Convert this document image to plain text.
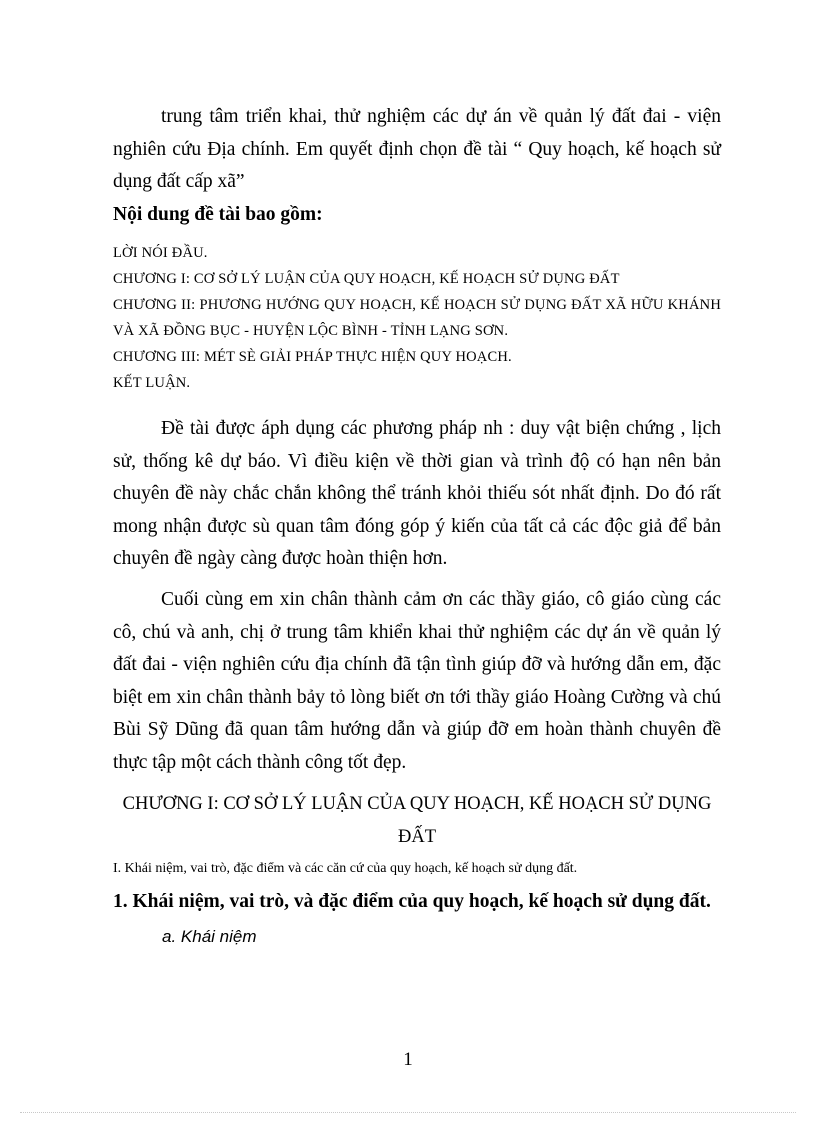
trung tâm triển khai, thử nghiệm các dự án về quản lý đất đai - viện nghiên cứu Địa chính. Em quyết định chọn đề tài “ Quy hoạch, kế hoạch sử dụng đất cấp xã”

Nội dung đề tài bao gồm:

LỜI NÓI ĐẦU.
CHƯƠNG I: CƠ SỞ LÝ LUẬN CỦA QUY HOẠCH, KẾ HOẠCH SỬ DỤNG ĐẤT
CHƯƠNG II: PHƯƠNG HƯỚNG QUY HOẠCH, KẾ HOẠCH SỬ DỤNG ĐẤT XÃ HỮU KHÁNH VÀ XÃ ĐỒNG BỤC - HUYỆN LỘC BÌNH - TỈNH LẠNG SƠN.
CHƯƠNG III: MÉT SÈ GIẢI PHÁP THỰC HIỆN QUY HOẠCH.
KẾT LUẬN.

Đề tài được áph dụng các phương pháp nh : duy vật biện chứng , lịch sử, thống kê dự báo. Vì điều kiện về thời gian và trình độ có hạn nên bản chuyên đề này chắc chắn không thể tránh khỏi thiếu sót nhất định. Do đó rất mong nhận được sù quan tâm đóng góp ý kiến của tất cả các độc giả để bản chuyên đề ngày càng được hoàn thiện hơn.

Cuối cùng em xin chân thành cảm ơn các thầy giáo, cô giáo cùng các cô, chú và anh, chị ở trung tâm khiển khai thử nghiệm các dự án về quản lý đất đai - viện nghiên cứu địa chính đã tận tình giúp đỡ và hướng dẫn em, đặc biệt em xin chân thành bảy tỏ lòng biết ơn tới thầy giáo Hoàng Cường và chú Bùi Sỹ Dũng đã quan tâm hướng dẫn và giúp đỡ em hoàn thành chuyên đề thực tập một cách thành công tốt đẹp.

CHƯƠNG I: CƠ SỞ LÝ LUẬN CỦA QUY HOẠCH, KẾ HOẠCH SỬ DỤNG ĐẤT

I. Khái niệm, vai trò, đặc điểm và các căn cứ của quy hoạch, kế hoạch sử dụng đất.

1. Khái niệm, vai trò, và đặc điểm của quy hoạch, kế hoạch sử dụng đất.

a. Khái niệm

1
